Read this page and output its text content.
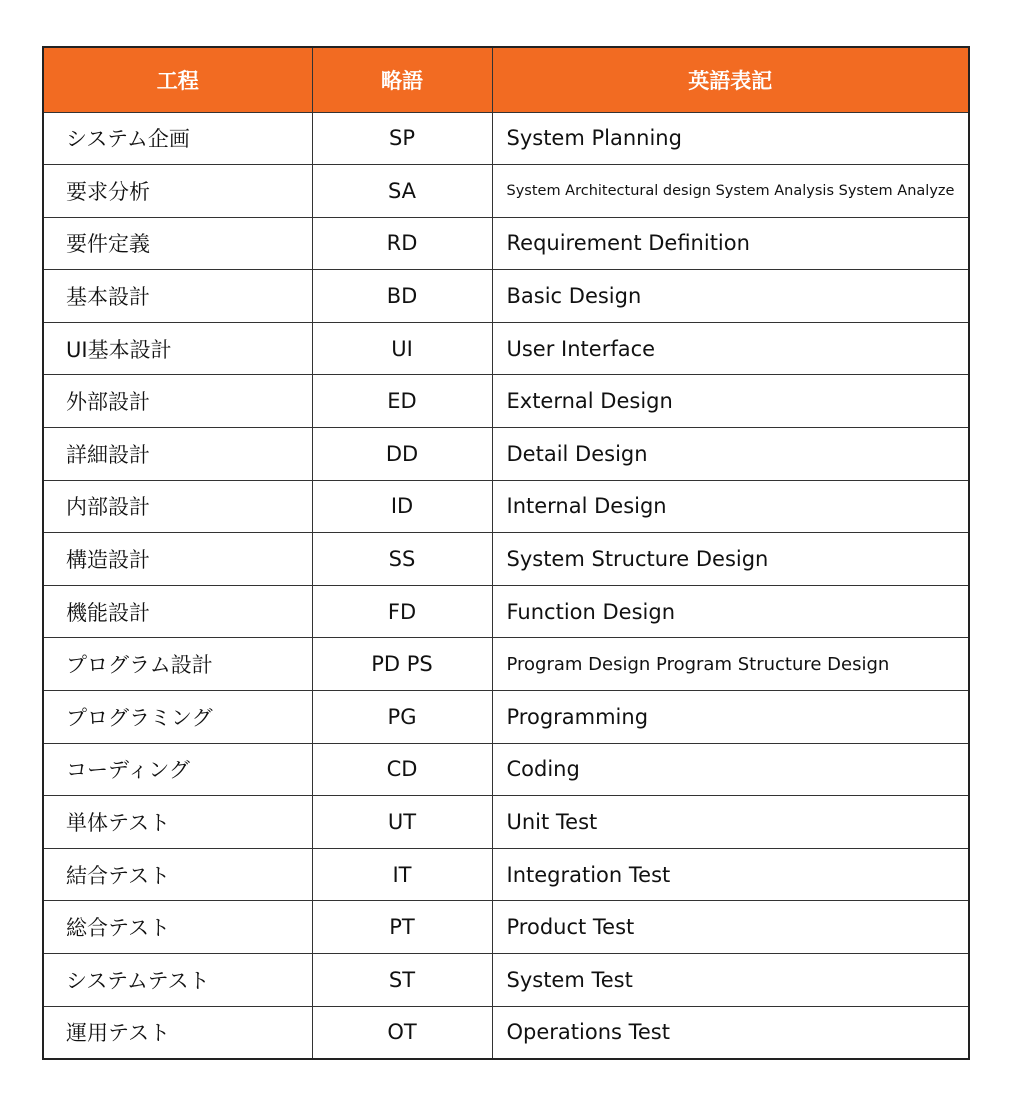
工程	略語	英語表記
システム企画	SP	System Planning
要求分析	SA	System Architectural design System Analysis System Analyze
要件定義	RD	Requirement Definition
基本設計	BD	Basic Design
UI基本設計	UI	User Interface
外部設計	ED	External Design
詳細設計	DD	Detail Design
内部設計	ID	Internal Design
構造設計	SS	System Structure Design
機能設計	FD	Function Design
プログラム設計	PD PS	Program Design Program Structure Design
プログラミング	PG	Programming
コーディング	CD	Coding
単体テスト	UT	Unit Test
結合テスト	IT	Integration Test
総合テスト	PT	Product Test
システムテスト	ST	System Test
運用テスト	OT	Operations Test
